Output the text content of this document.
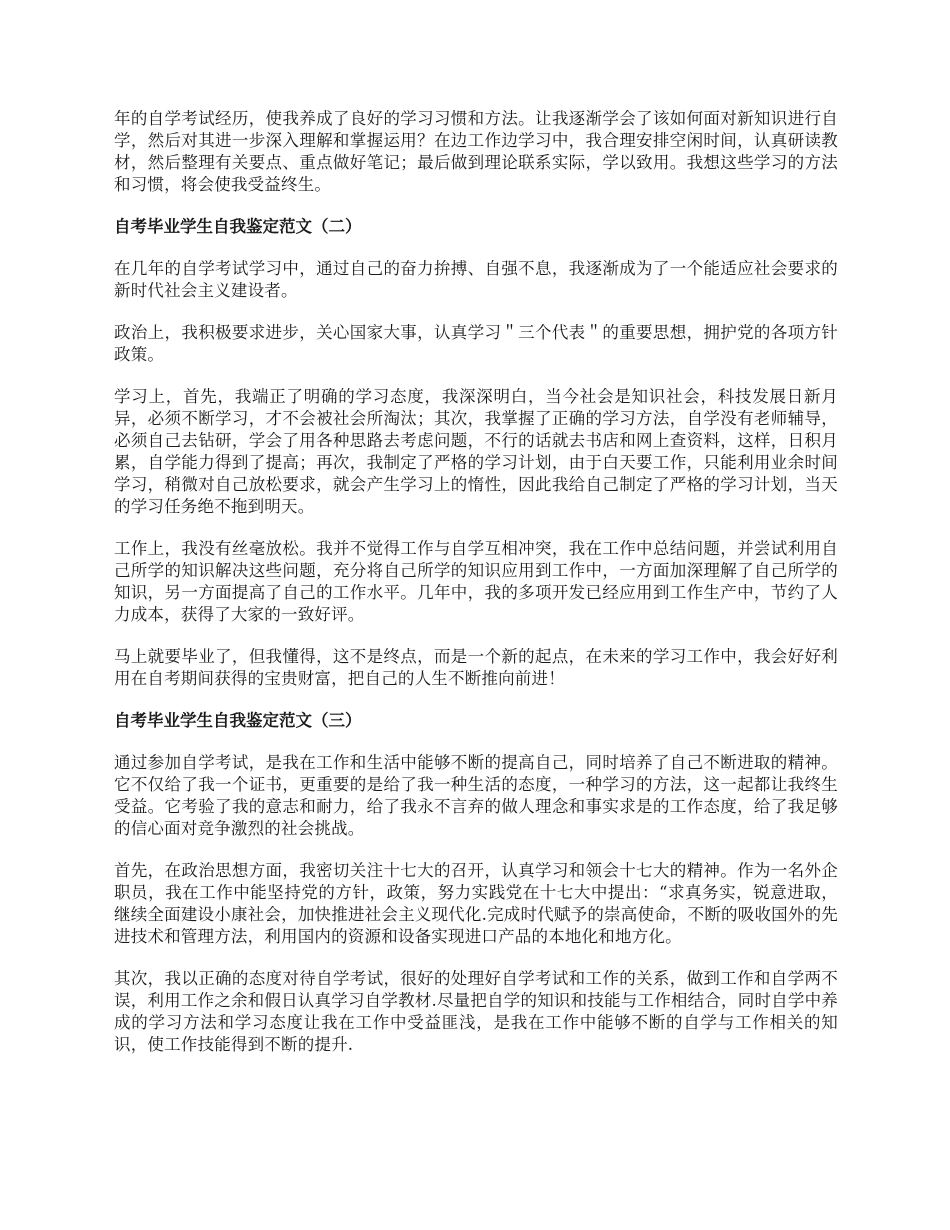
年的自学考试经历，使我养成了良好的学习习惯和方法。让我逐渐学会了该如何面对新知识进行自学，然后对其进一步深入理解和掌握运用？在边工作边学习中，我合理安排空闲时间，认真研读教材，然后整理有关要点、重点做好笔记；最后做到理论联系实际，学以致用。我想这些学习的方法和习惯，将会使我受益终生。

自考毕业学生自我鉴定范文（二）

在几年的自学考试学习中，通过自己的奋力拚搏、自强不息，我逐渐成为了一个能适应社会要求的新时代社会主义建设者。

政治上，我积极要求进步，关心国家大事，认真学习＂三个代表＂的重要思想，拥护党的各项方针政策。

学习上，首先，我端正了明确的学习态度，我深深明白，当今社会是知识社会，科技发展日新月异，必须不断学习，才不会被社会所淘汰；其次，我掌握了正确的学习方法，自学没有老师辅导，必须自己去钻研，学会了用各种思路去考虑问题，不行的话就去书店和网上查资料，这样，日积月累，自学能力得到了提高；再次，我制定了严格的学习计划，由于白天要工作，只能利用业余时间学习，稍微对自己放松要求，就会产生学习上的惰性，因此我给自己制定了严格的学习计划，当天的学习任务绝不拖到明天。

工作上，我没有丝毫放松。我并不觉得工作与自学互相冲突，我在工作中总结问题，并尝试利用自己所学的知识解决这些问题，充分将自己所学的知识应用到工作中，一方面加深理解了自己所学的知识，另一方面提高了自己的工作水平。几年中，我的多项开发已经应用到工作生产中，节约了人力成本，获得了大家的一致好评。

马上就要毕业了，但我懂得，这不是终点，而是一个新的起点，在未来的学习工作中，我会好好利用在自考期间获得的宝贵财富，把自己的人生不断推向前进！

自考毕业学生自我鉴定范文（三）

通过参加自学考试，是我在工作和生活中能够不断的提高自己，同时培养了自己不断进取的精神。它不仅给了我一个证书，更重要的是给了我一种生活的态度，一种学习的方法，这一起都让我终生受益。它考验了我的意志和耐力，给了我永不言弃的做人理念和事实求是的工作态度，给了我足够的信心面对竞争激烈的社会挑战。

首先，在政治思想方面，我密切关注十七大的召开，认真学习和领会十七大的精神。作为一名外企职员，我在工作中能坚持党的方针，政策，努力实践党在十七大中提出：“求真务实，锐意进取，继续全面建设小康社会，加快推进社会主义现代化.完成时代赋予的崇高使命，不断的吸收国外的先进技术和管理方法，利用国内的资源和设备实现进口产品的本地化和地方化。

其次，我以正确的态度对待自学考试，很好的处理好自学考试和工作的关系，做到工作和自学两不误，利用工作之余和假日认真学习自学教材.尽量把自学的知识和技能与工作相结合，同时自学中养成的学习方法和学习态度让我在工作中受益匪浅，是我在工作中能够不断的自学与工作相关的知识，使工作技能得到不断的提升.
